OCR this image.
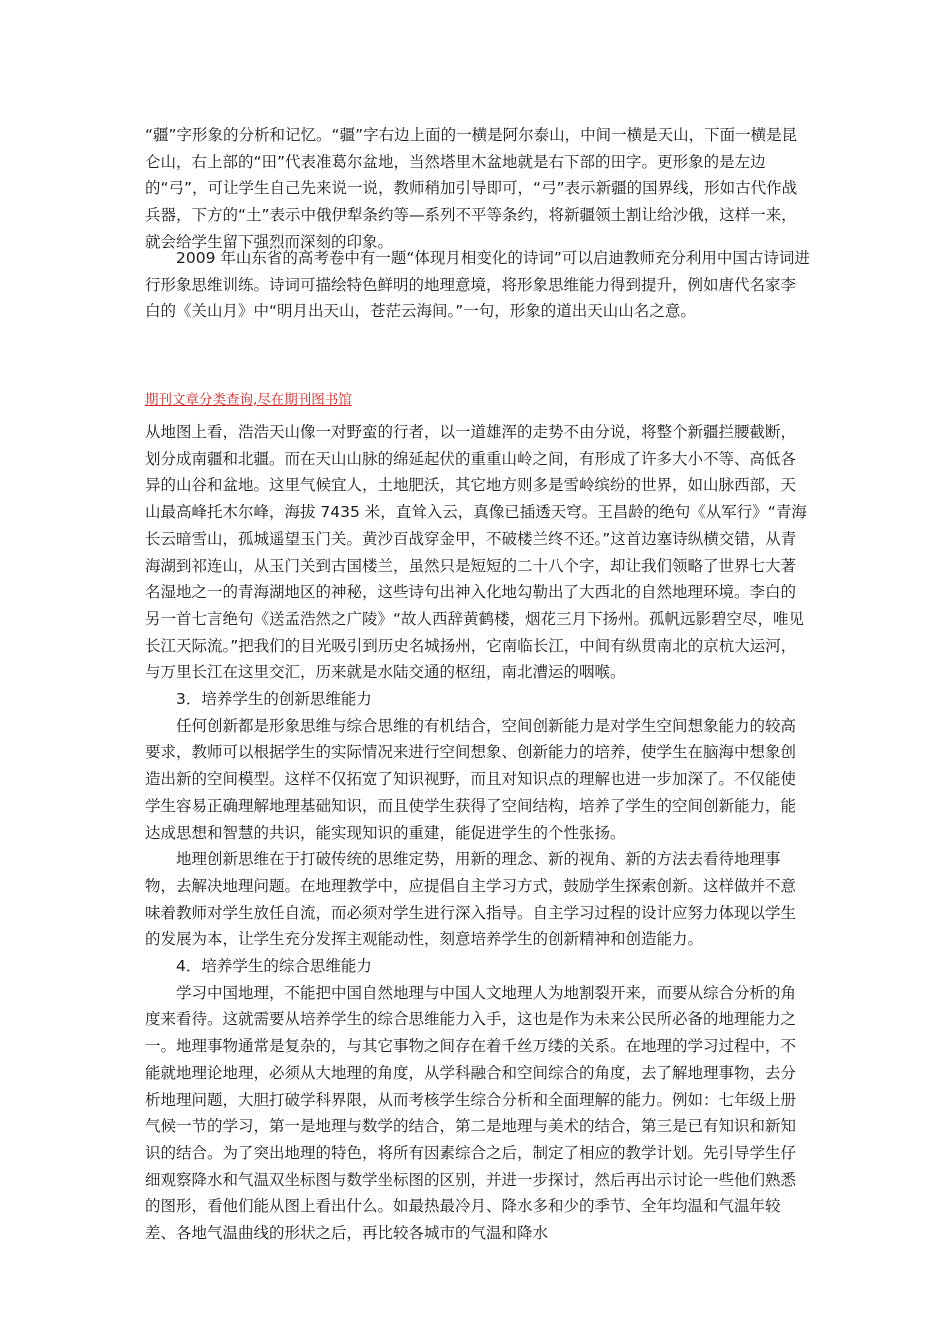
“疆”字形象的分析和记忆。“疆”字右边上面的一横是阿尔泰山，中间一横是天山，下面一横是昆仑山，右上部的“田”代表准葛尔盆地，当然塔里木盆地就是右下部的田字。更形象的是左边的“弓”，可让学生自己先来说一说，教师稍加引导即可，“弓”表示新疆的国界线，形如古代作战兵器，下方的“土”表示中俄伊犁条约等—系列不平等条约，将新疆领土割让给沙俄，这样一来，就会给学生留下强烈而深刻的印象。

2009 年山东省的高考卷中有一题“体现月相变化的诗词”可以启迪教师充分利用中国古诗词进行形象思维训练。诗词可描绘特色鲜明的地理意境，将形象思维能力得到提升，例如唐代名家李白的《关山月》中“明月出天山，苍茫云海间。”一句，形象的道出天山山名之意。

期刊文章分类查询,尽在期刊图书馆

从地图上看，浩浩天山像一对野蛮的行者，以一道雄浑的走势不由分说，将整个新疆拦腰截断，划分成南疆和北疆。而在天山山脉的绵延起伏的重重山岭之间，有形成了许多大小不等、高低各异的山谷和盆地。这里气候宜人，土地肥沃，其它地方则多是雪岭缤纷的世界，如山脉西部，天山最高峰托木尔峰，海拔 7435 米，直耸入云，真像已插透天穹。王昌龄的绝句《从军行》“青海长云暗雪山，孤城遥望玉门关。黄沙百战穿金甲，不破楼兰终不还。”这首边塞诗纵横交错，从青海湖到祁连山，从玉门关到古国楼兰，虽然只是短短的二十八个字，却让我们领略了世界七大著名湿地之一的青海湖地区的神秘，这些诗句出神入化地勾勒出了大西北的自然地理环境。李白的另一首七言绝句《送孟浩然之广陵》“故人西辞黄鹤楼，烟花三月下扬州。孤帆远影碧空尽，唯见长江天际流。”把我们的目光吸引到历史名城扬州，它南临长江，中间有纵贯南北的京杭大运河，与万里长江在这里交汇，历来就是水陆交通的枢纽，南北漕运的咽喉。

3．培养学生的创新思维能力

任何创新都是形象思维与综合思维的有机结合，空间创新能力是对学生空间想象能力的较高要求，教师可以根据学生的实际情况来进行空间想象、创新能力的培养，使学生在脑海中想象创造出新的空间模型。这样不仅拓宽了知识视野，而且对知识点的理解也进一步加深了。不仅能使学生容易正确理解地理基础知识，而且使学生获得了空间结构，培养了学生的空间创新能力，能达成思想和智慧的共识，能实现知识的重建，能促进学生的个性张扬。

地理创新思维在于打破传统的思维定势，用新的理念、新的视角、新的方法去看待地理事物，去解决地理问题。在地理教学中，应提倡自主学习方式，鼓励学生探索创新。这样做并不意味着教师对学生放任自流，而必须对学生进行深入指导。自主学习过程的设计应努力体现以学生的发展为本，让学生充分发挥主观能动性，刻意培养学生的创新精神和创造能力。

4．培养学生的综合思维能力

学习中国地理，不能把中国自然地理与中国人文地理人为地割裂开来，而要从综合分析的角度来看待。这就需要从培养学生的综合思维能力入手，这也是作为未来公民所必备的地理能力之一。地理事物通常是复杂的，与其它事物之间存在着千丝万缕的关系。在地理的学习过程中，不能就地理论地理，必须从大地理的角度，从学科融合和空间综合的角度，去了解地理事物，去分析地理问题，大胆打破学科界限，从而考核学生综合分析和全面理解的能力。例如：七年级上册气候一节的学习，第一是地理与数学的结合，第二是地理与美术的结合，第三是已有知识和新知识的结合。为了突出地理的特色，将所有因素综合之后，制定了相应的教学计划。先引导学生仔细观察降水和气温双坐标图与数学坐标图的区别，并进一步探讨，然后再出示讨论一些他们熟悉的图形，看他们能从图上看出什么。如最热最冷月、降水多和少的季节、全年均温和气温年较差、各地气温曲线的形状之后，再比较各城市的气温和降水
